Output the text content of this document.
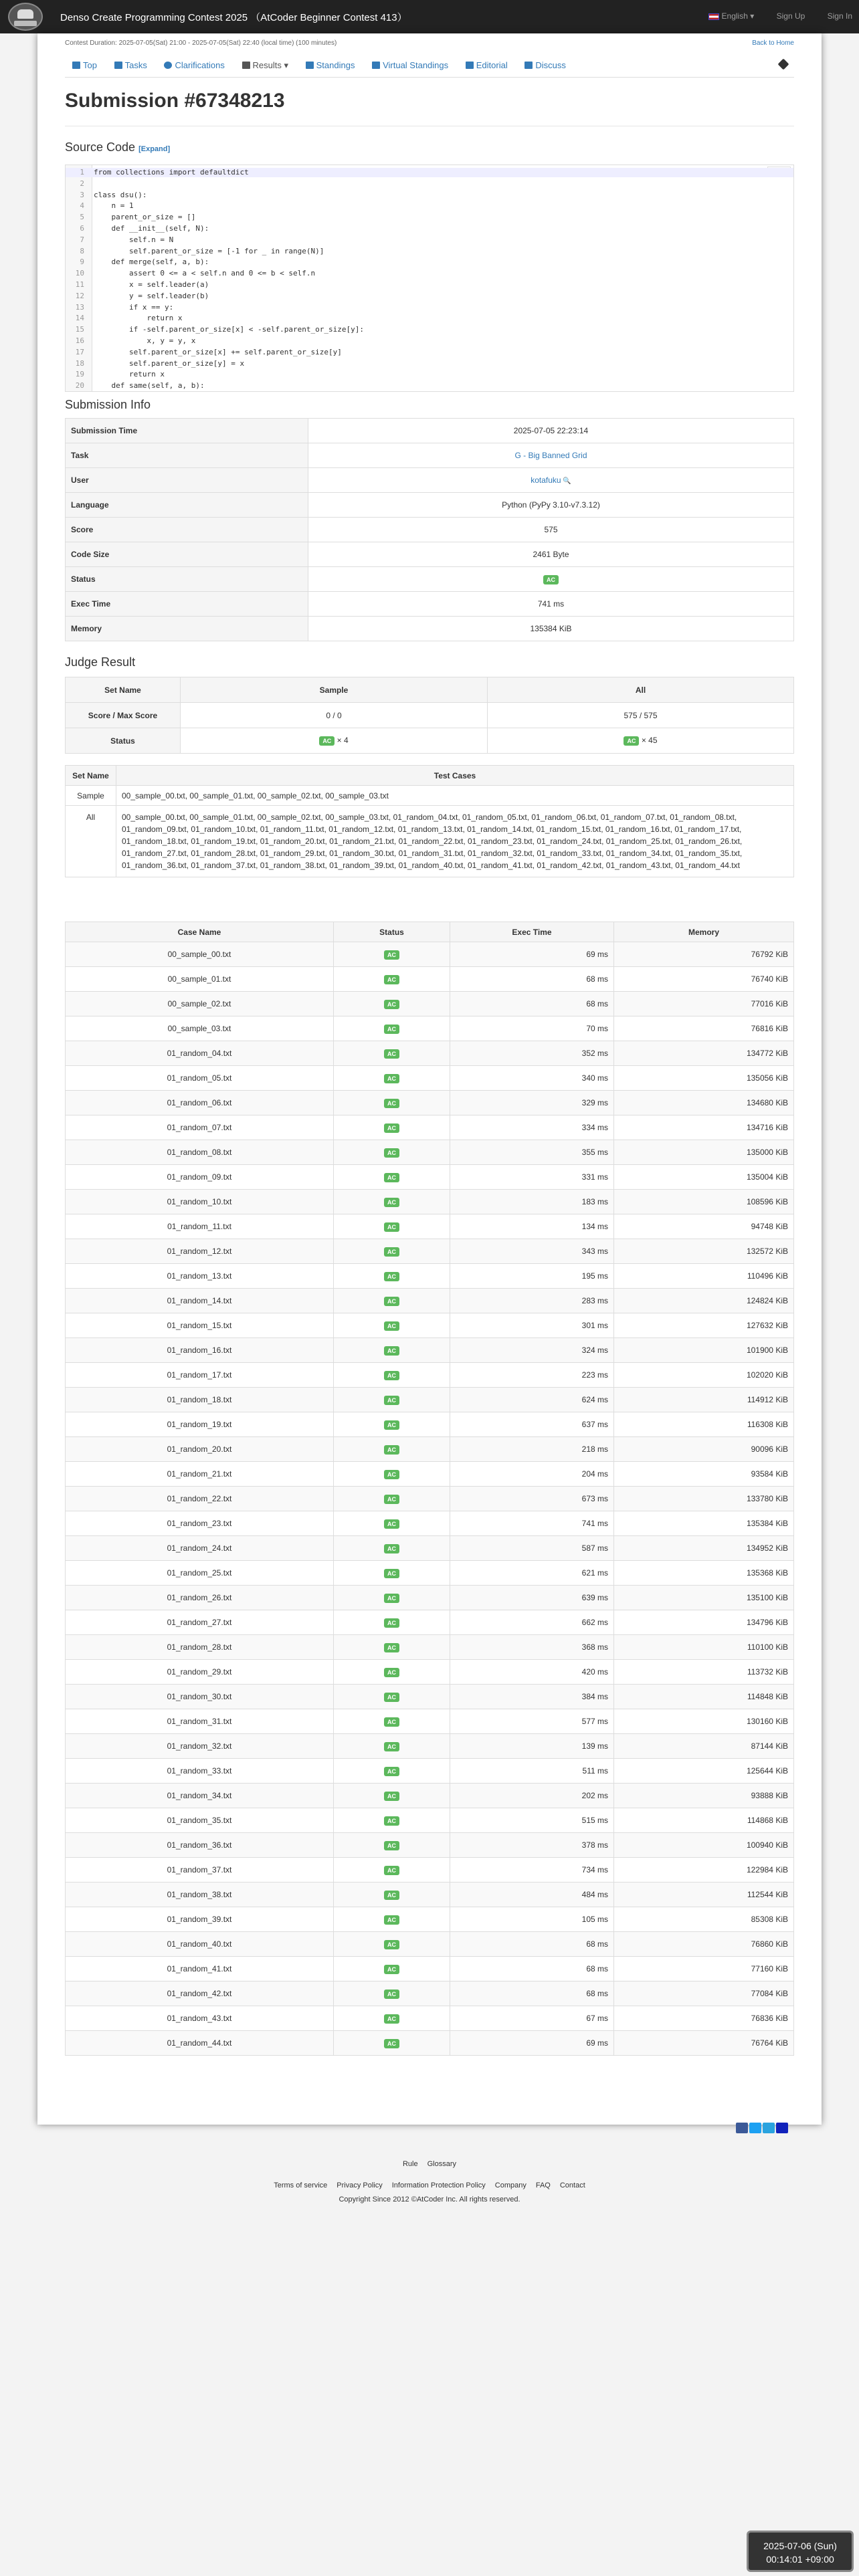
Denso Create Programming Contest 2025 （AtCoder Beginner Contest 413）	English ▾	Sign Up	Sign In
Contest Duration: 2025-07-05(Sat) 21:00 - 2025-07-05(Sat) 22:40 (local time) (100 minutes)	Back to Home
Top	Tasks	Clarifications	Results ▾	Standings	Virtual Standings	Editorial	Discuss
Submission #67348213
Source Code [Expand]
1 from collections import defaultdict
2
3 class dsu():
4    n = 1
5    parent_or_size = []
6    def __init__(self, N):
7        self.n = N
8        self.parent_or_size = [-1 for _ in range(N)]
9    def merge(self, a, b):
10        assert 0 <= a < self.n and 0 <= b < self.n
11        x = self.leader(a)
12        y = self.leader(b)
13        if x == y:
14            return x
15        if -self.parent_or_size[x] < -self.parent_or_size[y]:
16            x, y = y, x
17        self.parent_or_size[x] += self.parent_or_size[y]
18        self.parent_or_size[y] = x
19        return x
20    def same(self, a, b):
Submission Info
Submission Time	2025-07-05 22:23:14
Task	G - Big Banned Grid
User	kotafuku 🔍
Language	Python (PyPy 3.10-v7.3.12)
Score	575
Code Size	2461 Byte
Status	AC
Exec Time	741 ms
Memory	135384 KiB
Judge Result
Set Name	Sample	All
Score / Max Score	0 / 0	575 / 575
Status	AC × 4	AC × 45
Set Name	Test Cases
Sample	00_sample_00.txt, 00_sample_01.txt, 00_sample_02.txt, 00_sample_03.txt
All	00_sample_00.txt, 00_sample_01.txt, 00_sample_02.txt, 00_sample_03.txt, 01_random_04.txt, 01_random_05.txt, 01_random_06.txt, 01_random_07.txt, 01_random_08.txt, 01_random_09.txt, 01_random_10.txt, 01_random_11.txt, 01_random_12.txt, 01_random_13.txt, 01_random_14.txt, 01_random_15.txt, 01_random_16.txt, 01_random_17.txt, 01_random_18.txt, 01_random_19.txt, 01_random_20.txt, 01_random_21.txt, 01_random_22.txt, 01_random_23.txt, 01_random_24.txt, 01_random_25.txt, 01_random_26.txt, 01_random_27.txt, 01_random_28.txt, 01_random_29.txt, 01_random_30.txt, 01_random_31.txt, 01_random_32.txt, 01_random_33.txt, 01_random_34.txt, 01_random_35.txt, 01_random_36.txt, 01_random_37.txt, 01_random_38.txt, 01_random_39.txt, 01_random_40.txt, 01_random_41.txt, 01_random_42.txt, 01_random_43.txt, 01_random_44.txt
Case Name	Status	Exec Time	Memory
00_sample_00.txt	AC	69 ms	76792 KiB
00_sample_01.txt	AC	68 ms	76740 KiB
00_sample_02.txt	AC	68 ms	77016 KiB
00_sample_03.txt	AC	70 ms	76816 KiB
01_random_04.txt	AC	352 ms	134772 KiB
01_random_05.txt	AC	340 ms	135056 KiB
01_random_06.txt	AC	329 ms	134680 KiB
01_random_07.txt	AC	334 ms	134716 KiB
01_random_08.txt	AC	355 ms	135000 KiB
01_random_09.txt	AC	331 ms	135004 KiB
01_random_10.txt	AC	183 ms	108596 KiB
01_random_11.txt	AC	134 ms	94748 KiB
01_random_12.txt	AC	343 ms	132572 KiB
01_random_13.txt	AC	195 ms	110496 KiB
01_random_14.txt	AC	283 ms	124824 KiB
01_random_15.txt	AC	301 ms	127632 KiB
01_random_16.txt	AC	324 ms	101900 KiB
01_random_17.txt	AC	223 ms	102020 KiB
01_random_18.txt	AC	624 ms	114912 KiB
01_random_19.txt	AC	637 ms	116308 KiB
01_random_20.txt	AC	218 ms	90096 KiB
01_random_21.txt	AC	204 ms	93584 KiB
01_random_22.txt	AC	673 ms	133780 KiB
01_random_23.txt	AC	741 ms	135384 KiB
01_random_24.txt	AC	587 ms	134952 KiB
01_random_25.txt	AC	621 ms	135368 KiB
01_random_26.txt	AC	639 ms	135100 KiB
01_random_27.txt	AC	662 ms	134796 KiB
01_random_28.txt	AC	368 ms	110100 KiB
01_random_29.txt	AC	420 ms	113732 KiB
01_random_30.txt	AC	384 ms	114848 KiB
01_random_31.txt	AC	577 ms	130160 KiB
01_random_32.txt	AC	139 ms	87144 KiB
01_random_33.txt	AC	511 ms	125644 KiB
01_random_34.txt	AC	202 ms	93888 KiB
01_random_35.txt	AC	515 ms	114868 KiB
01_random_36.txt	AC	378 ms	100940 KiB
01_random_37.txt	AC	734 ms	122984 KiB
01_random_38.txt	AC	484 ms	112544 KiB
01_random_39.txt	AC	105 ms	85308 KiB
01_random_40.txt	AC	68 ms	76860 KiB
01_random_41.txt	AC	68 ms	77160 KiB
01_random_42.txt	AC	68 ms	77084 KiB
01_random_43.txt	AC	67 ms	76836 KiB
01_random_44.txt	AC	69 ms	76764 KiB
Rule Glossary
Terms of service Privacy Policy Information Protection Policy Company FAQ Contact
Copyright Since 2012 ©AtCoder Inc. All rights reserved.
2025-07-06 (Sun)
00:14:01 +09:00
